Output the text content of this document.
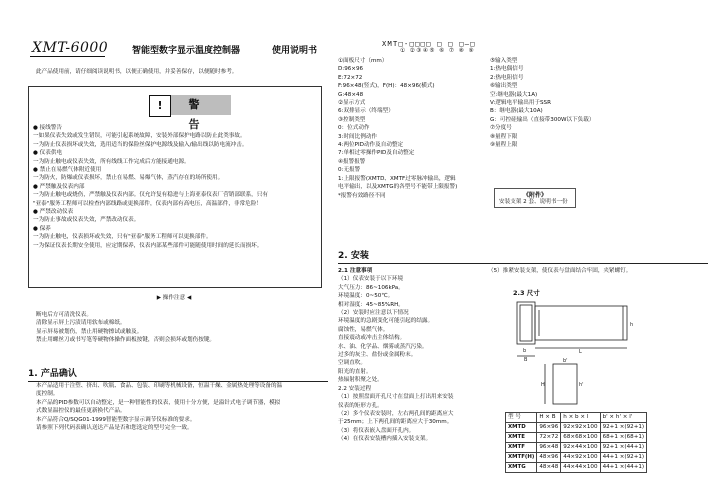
XMT-6000	智能型数字显示温度控制器	使用说明书
此产品使用前，请仔细阅读说明书，以便正确使用，并妥善保存，以便随时参考。
!	警 告
● 接线警告
一如果仪表失效或发生错误，可能引起系统故障，安装外部保护电路以防止此类事故。
一为防止仪表损坏或失效，选用适当的保险丝保护电源线及输入/输出线以防电流冲击。
● 仪表供电
一为防止触电或仪表失效，所有线线工作完成后方能接通电源。
● 禁止在易燃气体附近使用
一为防火，防爆或仪表损坏，禁止在易燃、易爆气体，蒸汽存在的场所使用。
● 严禁触及仪表内部
一为防止触电或烧伤，严禁触及仪表内部。仅允许复有稳进与上海亚泰仪表厂营销部联系，只有
"亚泰"服务工程师可以检查内部线路或更换部件，仪表内部有高电压，高温部件，非常危险！
● 严禁改动仪表
一为防止事故或仪表失效，严禁改动仪表。
● 保养
一为防止触电，仪表损坏或失效，只有"亚泰"服务工程师可以更换部件。
一为保证仪表长期安全使用，应定期保养，仪表内部某些部件可能随使用时间的延长而损坏。
▶ 操作注意 ◀
断电后方可清洗仪表。
清除显示屏上污渍请用软布或棉纸。
显示屏易被划伤，禁止用硬物擦试或触及。
禁止用螺丝刀或书写笔等硬物体操作面板按键，否则会损坏或划伤按键。
1. 产品确认
本产品适用于注塑、挤出、吹瓶、食品、包装、印刷等机械设备，恒温干燥、金属热处理等设备的温
度控制。
本产品的PID参数可以自动整定，是一种智能性的仪表，使用十分方便，是溢针式电子调节器，模拟
式数显温控仪的最佳更新换代产品。
本产品符合Q/SQG01-1999智能型数字显示调节仪标准的要求。
请参照下列代码表确认送达产品是否和您选定的型号完全一致。
XMT□-□□□□ □ □ □—□
① ②③④⑤ ⑥ ⑦ ⑧ ⑨
①面板尺寸（mm）
D:96×96
E:72×72
F:96×48(竖式)，F(H)：48×96(横式)
G:48×48
②显示方式
6:双排显示（终端型）
③控制类型
0：位式动作
3:时间比例动作
4:两位PID动作及自动整定
7:单相过零操作PID及自动整定
④报警报警
0:无报警
1:上限报警(XMTD、XMTF过零脉冲输出，逻辑
电平输出，以及XMTG的各型号不能带上限报警)
*报警有效路径不同
⑤输入类型
1:热电偶信号
2:热电阻信号
⑥输出类型
空:继电器(最大1A)
V:逻辑电平输出用于SSR
B：继电器(最大10A)
G：可控硅输出（直接带300W以下负载）
⑦分度号
⑧量程下限
⑨量程上限
《附件》
安装支架 2 套、说明书一份
2. 安装
2.1 注意事项
（1）仪表安装于以下环境
大气压力：86~106kPa。
环境温度：0~50℃。
相对湿度：45~85%RH。
（2）安装时应注意以下情况
环境温度的急剧变化可能引起的结露。
腐蚀性，易燃气体。
直接震动或冲击主体结构。
水、油、化学品、烟雾或蒸汽污染。
过多的灰尘、盐份或金属粉末。
空调直吹。
阳光的直射。
热辐射积聚之处。
2.2 安装过程
（1）按照盘面开孔尺寸在盘面上打出用来安装
仪表的矩形方孔。
（2）多个仪表安装时，左右两孔间的距离应大
于25mm；上下两孔间的距离应大于30mm。
（3）将仪表嵌入盘面开孔内。
（4）在仪表安装槽内插入安装支架。
（5）推紧安装支架，使仪表与盘面结合牢固，夹紧螺钉。
2.3 尺寸
b
B
L
h
H
b'
h'
型 号	H × B	h × b × l	b' × h' × l'
XMTD	96×96	92×92×100	92+1 ×(92+1)
XMTE	72×72	68×68×100	68+1 ×(68+1)
XMTF	96×48	92×44×100	92+1 ×(44+1)
XMTF(H)	48×96	44×92×100	44+1 ×(92+1)
XMTG	48×48	44×44×100	44+1 ×(44+1)
